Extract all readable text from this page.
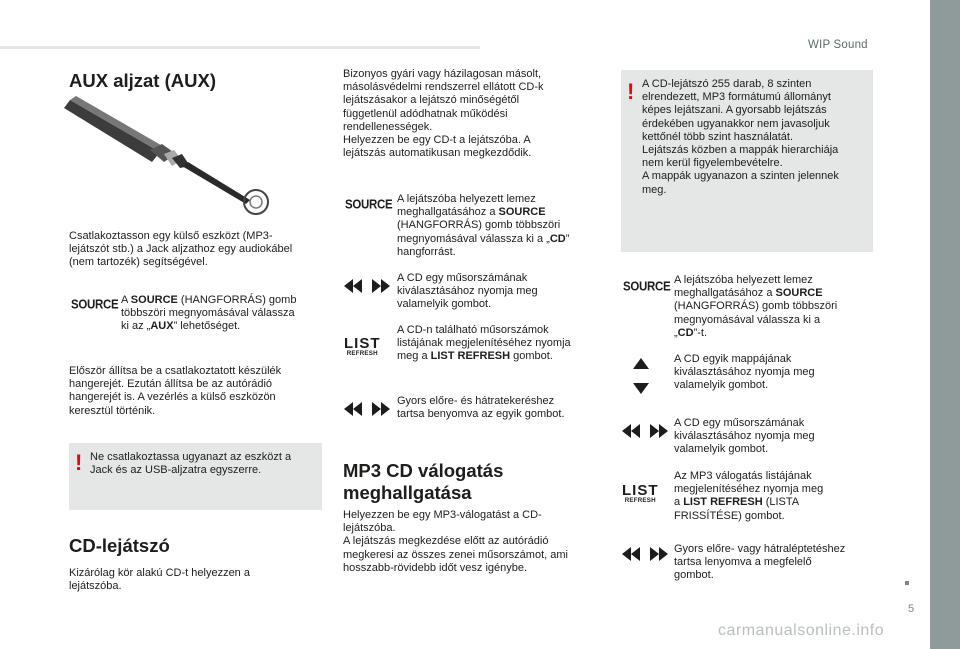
WIP Sound
AUX aljzat (AUX)
Csatlakoztasson egy külső eszközt (MP3-
lejátszót stb.) a Jack aljzathoz egy audiokábel
(nem tartozék) segítségével.
SOURCE A SOURCE (HANGFORRÁS) gomb
többszöri megnyomásával válassza
ki az „AUX” lehetőséget.
Először állítsa be a csatlakoztatott készülék
hangerejét. Ezután állítsa be az autórádió
hangerejét is. A vezérlés a külső eszközön
keresztül történik.
! Ne csatlakoztassa ugyanazt az eszközt a
Jack és az USB-aljzatra egyszerre.
CD-lejátszó
Kizárólag kör alakú CD-t helyezzen a
lejátszóba.
Bizonyos gyári vagy házilagosan másolt,
másolásvédelmi rendszerrel ellátott CD-k
lejátszásakor a lejátszó minőségétől
függetlenül adódhatnak működési
rendellenességek.
Helyezzen be egy CD-t a lejátszóba. A
lejátszás automatikusan megkezdődik.
SOURCE A lejátszóba helyezett lemez
meghallgatásához a SOURCE
(HANGFORRÁS) gomb többszöri
megnyomásával válassza ki a „CD”
hangforrást.
A CD egy műsorszámának
kiválasztásához nyomja meg
valamelyik gombot.
LIST
REFRESH
A CD-n található műsorszámok
listájának megjelenítéséhez nyomja
meg a LIST REFRESH gombot.
Gyors előre- és hátratekeréshez
tartsa benyomva az egyik gombot.
MP3 CD válogatás
meghallgatása
Helyezzen be egy MP3-válogatást a CD-
lejátszóba.
A lejátszás megkezdése előtt az autórádió
megkeresi az összes zenei műsorszámot, ami
hosszabb-rövidebb időt vesz igénybe.
! A CD-lejátszó 255 darab, 8 szinten
elrendezett, MP3 formátumú állományt
képes lejátszani. A gyorsabb lejátszás
érdekében ugyanakkor nem javasoljuk
kettőnél több szint használatát.
Lejátszás közben a mappák hierarchiája
nem kerül figyelembevételre.
A mappák ugyanazon a szinten jelennek
meg.
SOURCE
A lejátszóba helyezett lemez
meghallgatásához a SOURCE
(HANGFORRÁS) gomb többszöri
megnyomásával válassza ki a
„CD”-t.
A CD egyik mappájának
kiválasztásához nyomja meg
valamelyik gombot.
A CD egy műsorszámának
kiválasztásához nyomja meg
valamelyik gombot.
LIST
REFRESH
Az MP3 válogatás listájának
megjelenítéséhez nyomja meg
a LIST REFRESH (LISTA
FRISSÍTÉSE) gombot.
Gyors előre- vagy hátraléptetéshez
tartsa lenyomva a megfelelő
gombot.
5
carmanualsonline.info
